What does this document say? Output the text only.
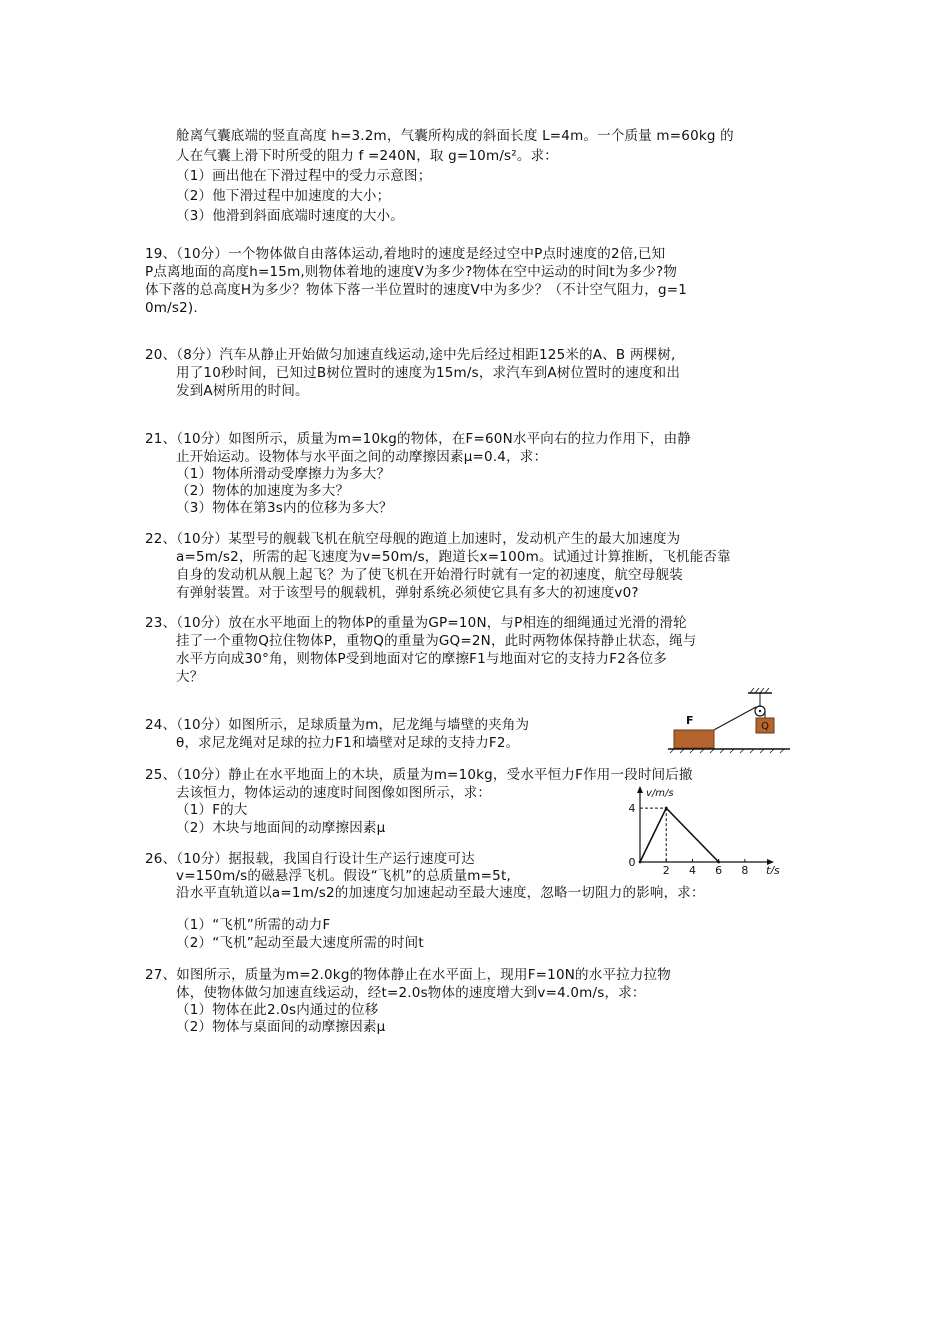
舱离气囊底端的竖直高度 h=3.2m，气囊所构成的斜面长度 L=4m。一个质量 m=60kg 的
人在气囊上滑下时所受的阻力 f =240N，取 g=10m/s²。求：
（1）画出他在下滑过程中的受力示意图；
（2）他下滑过程中加速度的大小；
（3）他滑到斜面底端时速度的大小。
19、（10分）一个物体做自由落体运动,着地时的速度是经过空中P点时速度的2倍,已知
P点离地面的高度h=15m,则物体着地的速度V为多少?物体在空中运动的时间t为多少?物
体下落的总高度H为多少？物体下落一半位置时的速度V中为多少？（不计空气阻力，g=1
0m/s2).
20、（8分）汽车从静止开始做匀加速直线运动,途中先后经过相距125米的A、B 两棵树,
用了10秒时间，已知过B树位置时的速度为15m/s，求汽车到A树位置时的速度和出
发到A树所用的时间。
21、（10分）如图所示，质量为m=10kg的物体，在F=60N水平向右的拉力作用下，由静
止开始运动。设物体与水平面之间的动摩擦因素μ=0.4，求：
（1）物体所滑动受摩擦力为多大？
（2）物体的加速度为多大？
（3）物体在第3s内的位移为多大？
22、（10分）某型号的舰载飞机在航空母舰的跑道上加速时，发动机产生的最大加速度为
a=5m/s2，所需的起飞速度为v=50m/s，跑道长x=100m。试通过计算推断，飞机能否靠
自身的发动机从舰上起飞？为了使飞机在开始滑行时就有一定的初速度，航空母舰装
有弹射装置。对于该型号的舰载机，弹射系统必须使它具有多大的初速度v0?
23、（10分）放在水平地面上的物体P的重量为GP=10N，与P相连的细绳通过光滑的滑轮
挂了一个重物Q拉住物体P，重物Q的重量为GQ=2N，此时两物体保持静止状态，绳与
水平方向成30°角，则物体P受到地面对它的摩擦F1与地面对它的支持力F2各位多
大？
Q
F
24、（10分）如图所示，足球质量为m，尼龙绳与墙壁的夹角为
θ，求尼龙绳对足球的拉力F1和墙壁对足球的支持力F2。
25、（10分）静止在水平地面上的木块，质量为m=10kg，受水平恒力F作用一段时间后撤
去该恒力，物体运动的速度时间图像如图所示，求：
（1）F的大
（2）木块与地面间的动摩擦因素μ
v/m/s
t/s
0
2 4 6 8
4
26、（10分）据报载，我国自行设计生产运行速度可达
v=150m/s的磁悬浮飞机。假设“飞机”的总质量m=5t,
沿水平直轨道以a=1m/s2的加速度匀加速起动至最大速度，忽略一切阻力的影响，求：
（1）“飞机”所需的动力F
（2）“飞机”起动至最大速度所需的时间t
27、如图所示，质量为m=2.0kg的物体静止在水平面上，现用F=10N的水平拉力拉物
体，使物体做匀加速直线运动，经t=2.0s物体的速度增大到v=4.0m/s，求：
（1）物体在此2.0s内通过的位移
（2）物体与桌面间的动摩擦因素μ
